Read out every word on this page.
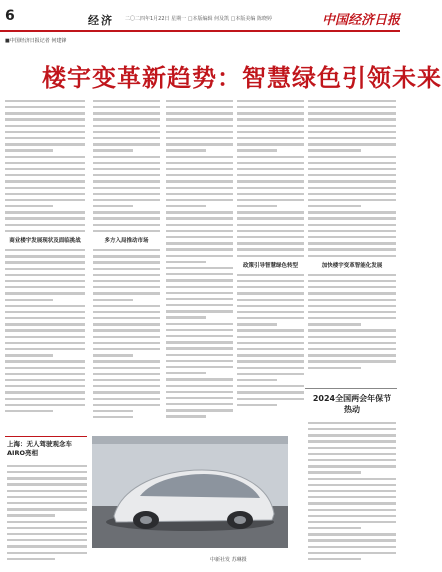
6	经济 二〇二四年1月22日 星期一 □本版编辑 何及凯 □本版美编 陈晓婷	中国经济日报
■中国经济日报记者 何建锋
楼宇变革新趋势：智慧绿色引领未来
商业楼宇发展现状及面临挑战	多方入局推动市场
政策引导智慧绿色转型	加快楼宇变革智能化发展
2024全国两会年保节热动
上海：无人驾驶观念车AIRO亮相
中新社发 苏琳摄
